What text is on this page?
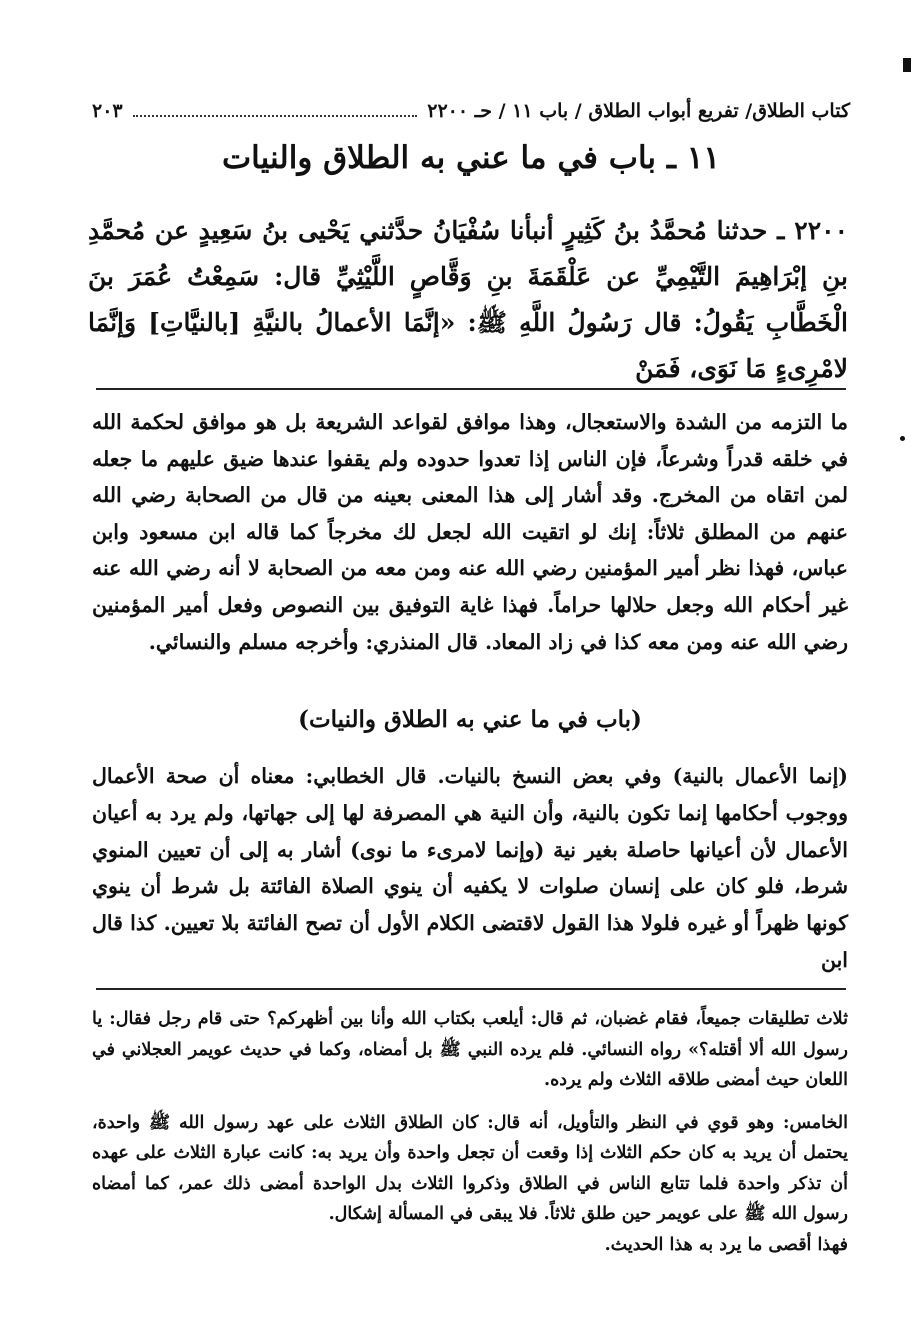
كتاب الطلاق/ تفريع أبواب الطلاق / باب ١١ / حـ ٢٢٠٠
٢٠٣
١١ ـ باب في ما عني به الطلاق والنيات
٢٢٠٠ ـ حدثنا مُحمَّدُ بنُ كَثِيرٍ أنبأنا سُفْيَانُ حدَّثني يَحْيى بنُ سَعِيدٍ عن مُحمَّدِ بنِ إبْرَاهِيمَ التَّيْمِيِّ عن عَلْقَمَةَ بنِ وَقَّاصٍ اللَّيْثِيِّ قال: سَمِعْتُ عُمَرَ بنَ الْخَطَّابِ يَقُولُ: قال رَسُولُ اللَّهِ ﷺ: «إنَّمَا الأعمالُ بالنيَّةِ [بالنيَّاتِ] وَإنَّمَا لامْرِىءٍ مَا نَوَى، فَمَنْ

ما التزمه من الشدة والاستعجال، وهذا موافق لقواعد الشريعة بل هو موافق لحكمة الله في خلقه قدراً وشرعاً، فإن الناس إذا تعدوا حدوده ولم يقفوا عندها ضيق عليهم ما جعله لمن اتقاه من المخرج. وقد أشار إلى هذا المعنى بعينه من قال من الصحابة رضي الله عنهم من المطلق ثلاثاً: إنك لو اتقيت الله لجعل لك مخرجاً كما قاله ابن مسعود وابن عباس، فهذا نظر أمير المؤمنين رضي الله عنه ومن معه من الصحابة لا أنه رضي الله عنه غير أحكام الله وجعل حلالها حراماً. فهذا غاية التوفيق بين النصوص وفعل أمير المؤمنين رضي الله عنه ومن معه كذا في زاد المعاد. قال المنذري: وأخرجه مسلم والنسائي.

(باب في ما عني به الطلاق والنيات)

(إنما الأعمال بالنية) وفي بعض النسخ بالنيات. قال الخطابي: معناه أن صحة الأعمال ووجوب أحكامها إنما تكون بالنية، وأن النية هي المصرفة لها إلى جهاتها، ولم يرد به أعيان الأعمال لأن أعيانها حاصلة بغير نية (وإنما لامرىء ما نوى) أشار به إلى أن تعيين المنوي شرط، فلو كان على إنسان صلوات لا يكفيه أن ينوي الصلاة الفائتة بل شرط أن ينوي كونها ظهراً أو غيره فلولا هذا القول لاقتضى الكلام الأول أن تصح الفائتة بلا تعيين. كذا قال ابن

ثلاث تطليقات جميعاً، فقام غضبان، ثم قال: أيلعب بكتاب الله وأنا بين أظهركم؟ حتى قام رجل فقال: يا رسول الله ألا أقتله؟» رواه النسائي. فلم يرده النبي ﷺ بل أمضاه، وكما في حديث عويمر العجلاني في اللعان حيث أمضى طلاقه الثلاث ولم يرده.

الخامس: وهو قوي في النظر والتأويل، أنه قال: كان الطلاق الثلاث على عهد رسول الله ﷺ واحدة، يحتمل أن يريد به كان حكم الثلاث إذا وقعت أن تجعل واحدة وأن يريد به: كانت عبارة الثلاث على عهده أن تذكر واحدة فلما تتابع الناس في الطلاق وذكروا الثلاث بدل الواحدة أمضى ذلك عمر، كما أمضاه رسول الله ﷺ على عويمر حين طلق ثلاثاً. فلا يبقى في المسألة إشكال.

فهذا أقصى ما يرد به هذا الحديث.
